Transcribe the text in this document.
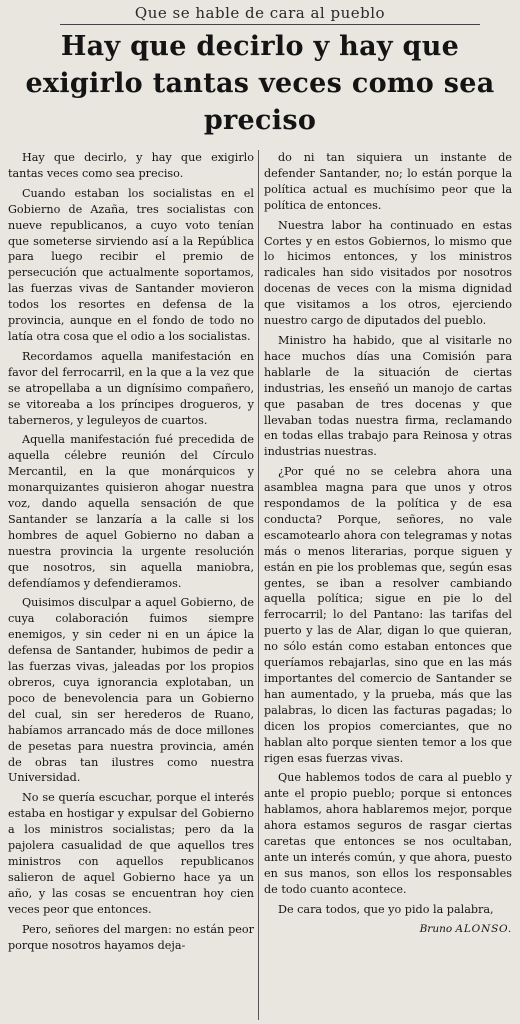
Que se hable de cara al pueblo
Hay que decirlo y hay que exigirlo tantas veces como sea preciso

Hay que decirlo, y hay que exigirlo tantas veces como sea preciso.

Cuando estaban los socialistas en el Gobierno de Azaña, tres socialistas con nueve republicanos, a cuyo voto tenían que someterse sirviendo así a la República para luego recibir el premio de persecución que actualmente soportamos, las fuerzas vivas de Santander movieron todos los resortes en defensa de la provincia, aunque en el fondo de todo no latía otra cosa que el odio a los socialistas.

Recordamos aquella manifestación en favor del ferrocarril, en la que a la vez que se atropellaba a un dignísimo compañero, se vitoreaba a los príncipes drogueros, y taberneros, y leguleyos de cuartos.

Aquella manifestación fué precedida de aquella célebre reunión del Círculo Mercantil, en la que monárquicos y monarquizantes quisieron ahogar nuestra voz, dando aquella sensación de que Santander se lanzaría a la calle si los hombres de aquel Gobierno no daban a nuestra provincia la urgente resolución que nosotros, sin aquella maniobra, defendíamos y defendieramos.

Quisimos disculpar a aquel Gobierno, de cuya colaboración fuimos siempre enemigos, y sin ceder ni en un ápice la defensa de Santander, hubimos de pedir a las fuerzas vivas, jaleadas por los propios obreros, cuya ignorancia explotaban, un poco de benevolencia para un Gobierno del cual, sin ser herederos de Ruano, habíamos arrancado más de doce millones de pesetas para nuestra provincia, amén de obras tan ilustres como nuestra Universidad.

No se quería escuchar, porque el interés estaba en hostigar y expulsar del Gobierno a los ministros socialistas; pero da la pajolera casualidad de que aquellos tres ministros con aquellos republicanos salieron de aquel Gobierno hace ya un año, y las cosas se encuentran hoy cien veces peor que entonces.

Pero, señores del margen: no están peor porque nosotros hayamos deja-

do ni tan siquiera un instante de defender Santander, no; lo están porque la política actual es muchísimo peor que la política de entonces.

Nuestra labor ha continuado en estas Cortes y en estos Gobiernos, lo mismo que lo hicimos entonces, y los ministros radicales han sido visitados por nosotros docenas de veces con la misma dignidad que visitamos a los otros, ejerciendo nuestro cargo de diputados del pueblo.

Ministro ha habido, que al visitarle no hace muchos días una Comisión para hablarle de la situación de ciertas industrias, les enseñó un manojo de cartas que pasaban de tres docenas y que llevaban todas nuestra firma, reclamando en todas ellas trabajo para Reinosa y otras industrias nuestras.

¿Por qué no se celebra ahora una asamblea magna para que unos y otros respondamos de la política y de esa conducta? Porque, señores, no vale escamotearlo ahora con telegramas y notas más o menos literarias, porque siguen y están en pie los problemas que, según esas gentes, se iban a resolver cambiando aquella política; sigue en pie lo del ferrocarril; lo del Pantano: las tarifas del puerto y las de Alar, digan lo que quieran, no sólo están como estaban entonces que queríamos rebajarlas, sino que en las más importantes del comercio de Santander se han aumentado, y la prueba, más que las palabras, lo dicen las facturas pagadas; lo dicen los propios comerciantes, que no hablan alto porque sienten temor a los que rigen esas fuerzas vivas.

Que hablemos todos de cara al pueblo y ante el propio pueblo; porque si entonces hablamos, ahora hablaremos mejor, porque ahora estamos seguros de rasgar ciertas caretas que entonces se nos ocultaban, ante un interés común, y que ahora, puesto en sus manos, son ellos los responsables de todo cuanto acontece.

De cara todos, que yo pido la palabra,

Bruno ALONSO.
